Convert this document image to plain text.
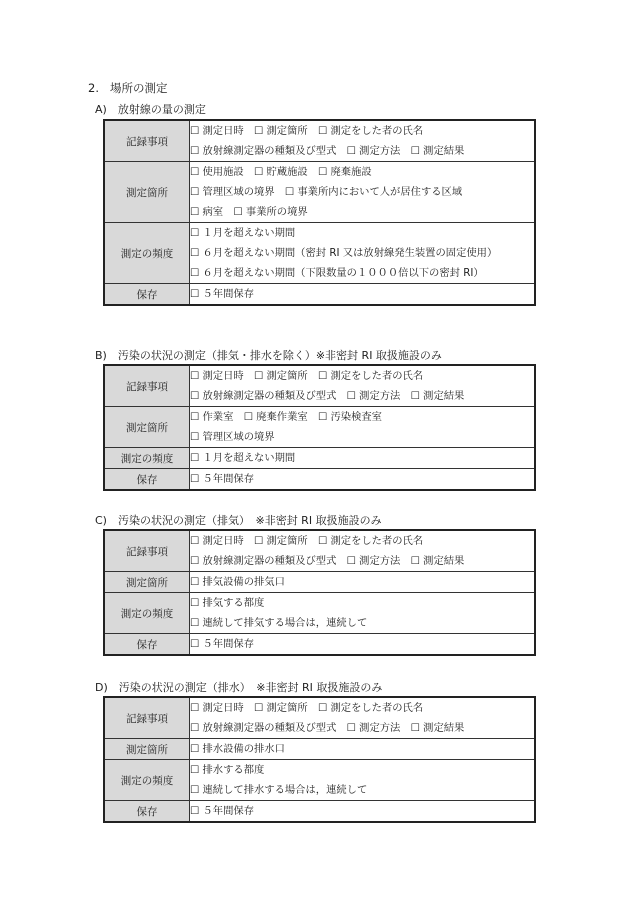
2. 場所の測定
A)　放射線の量の測定
記録事項	☐ 測定日時　☐ 測定箇所　☐ 測定をした者の氏名
☐ 放射線測定器の種類及び型式　☐ 測定方法　☐ 測定結果

測定箇所	☐ 使用施設　☐ 貯蔵施設　☐ 廃棄施設
☐ 管理区域の境界　☐ 事業所内において人が居住する区域
☐ 病室　☐ 事業所の境界

測定の頻度	☐ １月を超えない期間
☐ ６月を超えない期間（密封 RI 又は放射線発生装置の固定使用）
☐ ６月を超えない期間（下限数量の１０００倍以下の密封 RI）

保存	☐ ５年間保存
B)　汚染の状況の測定（排気・排水を除く）※非密封 RI 取扱施設のみ
記録事項	☐ 測定日時　☐ 測定箇所　☐ 測定をした者の氏名
☐ 放射線測定器の種類及び型式　☐ 測定方法　☐ 測定結果

測定箇所	☐ 作業室　☐ 廃棄作業室　☐ 汚染検査室
☐ 管理区域の境界

測定の頻度	☐ １月を超えない期間

保存	☐ ５年間保存
C)　汚染の状況の測定（排気）　※非密封 RI 取扱施設のみ
記録事項	☐ 測定日時　☐ 測定箇所　☐ 測定をした者の氏名
☐ 放射線測定器の種類及び型式　☐ 測定方法　☐ 測定結果

測定箇所	☐ 排気設備の排気口

測定の頻度	☐ 排気する都度
☐ 連続して排気する場合は，連続して

保存	☐ ５年間保存
D)　汚染の状況の測定（排水）　※非密封 RI 取扱施設のみ
記録事項	☐ 測定日時　☐ 測定箇所　☐ 測定をした者の氏名
☐ 放射線測定器の種類及び型式　☐ 測定方法　☐ 測定結果

測定箇所	☐ 排水設備の排水口

測定の頻度	☐ 排水する都度
☐ 連続して排水する場合は，連続して

保存	☐ ５年間保存
